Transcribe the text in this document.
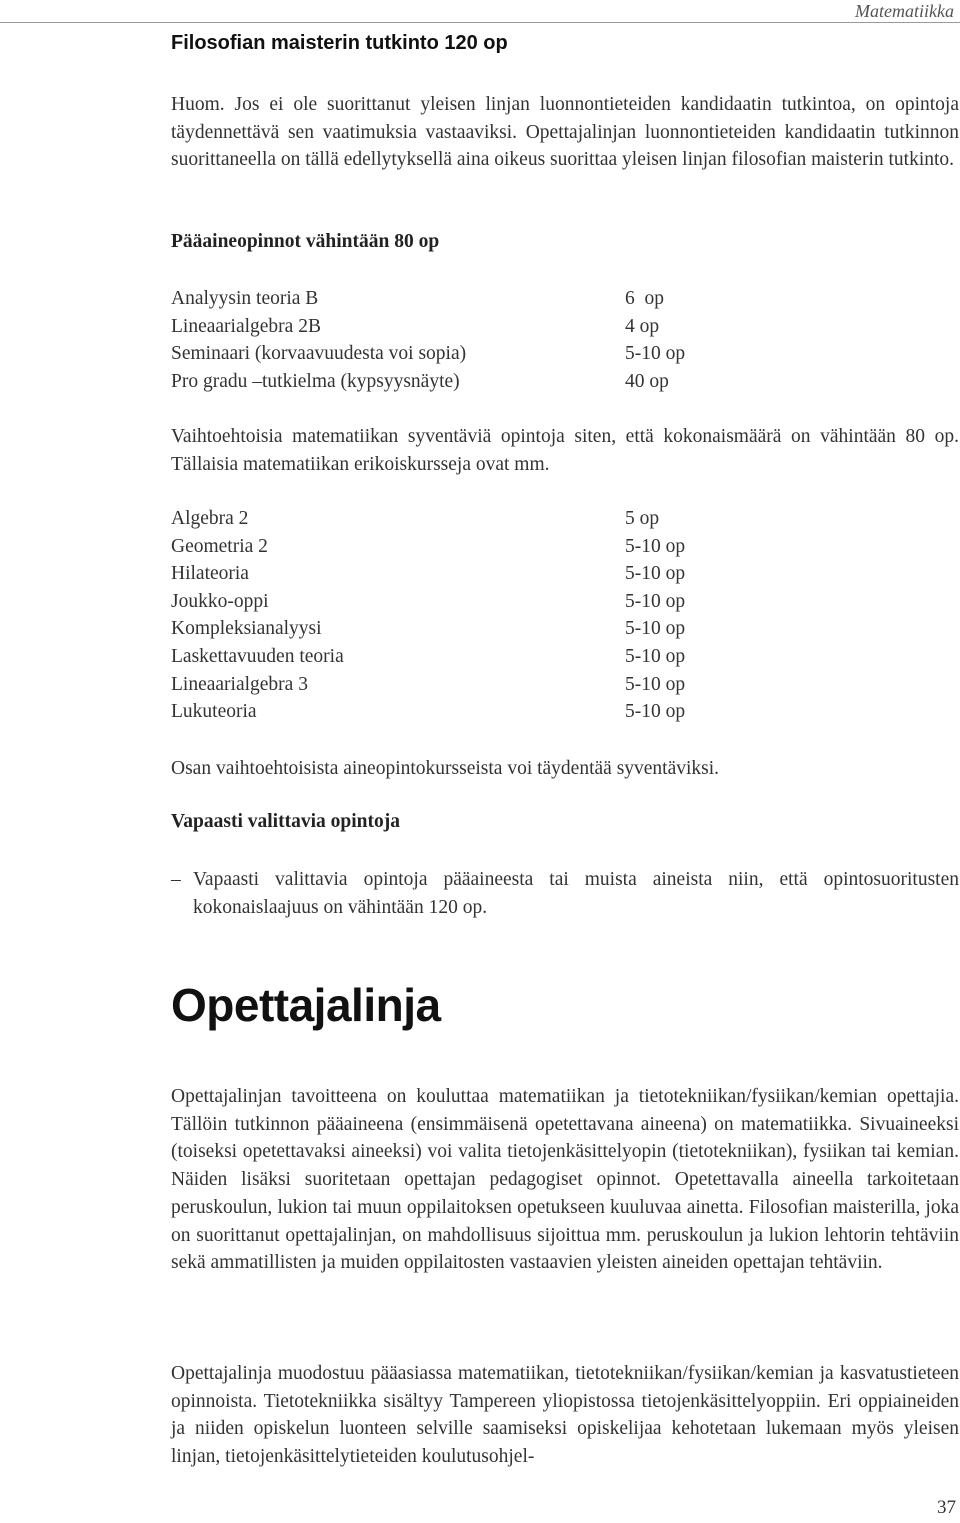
Matematiikka
Filosofian maisterin tutkinto 120 op
Huom. Jos ei ole suorittanut yleisen linjan luonnontieteiden kandidaatin tutkintoa, on opintoja täydennettävä sen vaatimuksia vastaaviksi. Opettajalinjan luonnontieteiden kandidaatin tutkinnon suorittaneella on tällä edellytyksellä aina oikeus suorittaa yleisen linjan filosofian maisterin tutkinto.
Pääaineopinnot vähintään 80 op
Analyysin teoria B	6  op
Lineaarialgebra 2B	4 op
Seminaari (korvaavuudesta voi sopia)	5-10 op
Pro gradu –tutkielma (kypsyysnäyte)	40 op
Vaihtoehtoisia matematiikan syventäviä opintoja siten, että kokonaismäärä on vähintään 80 op. Tällaisia matematiikan erikoiskursseja ovat mm.
Algebra 2	5 op
Geometria 2	5-10 op
Hilateoria	5-10 op
Joukko-oppi	5-10 op
Kompleksianalyysi	5-10 op
Laskettavuuden teoria	5-10 op
Lineaarialgebra 3	5-10 op
Lukuteoria	5-10 op
Osan vaihtoehtoisista aineopintokursseista voi täydentää syventäviksi.
Vapaasti valittavia opintoja
– Vapaasti valittavia opintoja pääaineesta tai muista aineista niin, että opintosuoritusten kokonaislaajuus on vähintään 120 op.
Opettajalinja
Opettajalinjan tavoitteena on kouluttaa matematiikan ja tietotekniikan/fysiikan/kemian opettajia. Tällöin tutkinnon pääaineena (ensimmäisenä opetettavana aineena) on matematiikka. Sivuaineeksi (toiseksi opetettavaksi aineeksi) voi valita tietojenkäsittelyopin (tietotekniikan), fysiikan tai kemian. Näiden lisäksi suoritetaan opettajan pedagogiset opinnot. Opetettavalla aineella tarkoitetaan peruskoulun, lukion tai muun oppilaitoksen opetukseen kuuluvaa ainetta. Filosofian maisterilla, joka on suorittanut opettajalinjan, on mahdollisuus sijoittua mm. peruskoulun ja lukion lehtorin tehtäviin sekä ammatillisten ja muiden oppilaitosten vastaavien yleisten aineiden opettajan tehtäviin.
Opettajalinja muodostuu pääasiassa matematiikan, tietotekniikan/fysiikan/kemian ja kasvatustieteen opinnoista. Tietotekniikka sisältyy Tampereen yliopistossa tietojenkäsittelyoppiin. Eri oppiaineiden ja niiden opiskelun luonteen selville saamiseksi opiskelijaa kehotetaan lukemaan myös yleisen linjan, tietojenkäsittelytieteiden koulutusohjel-
37
